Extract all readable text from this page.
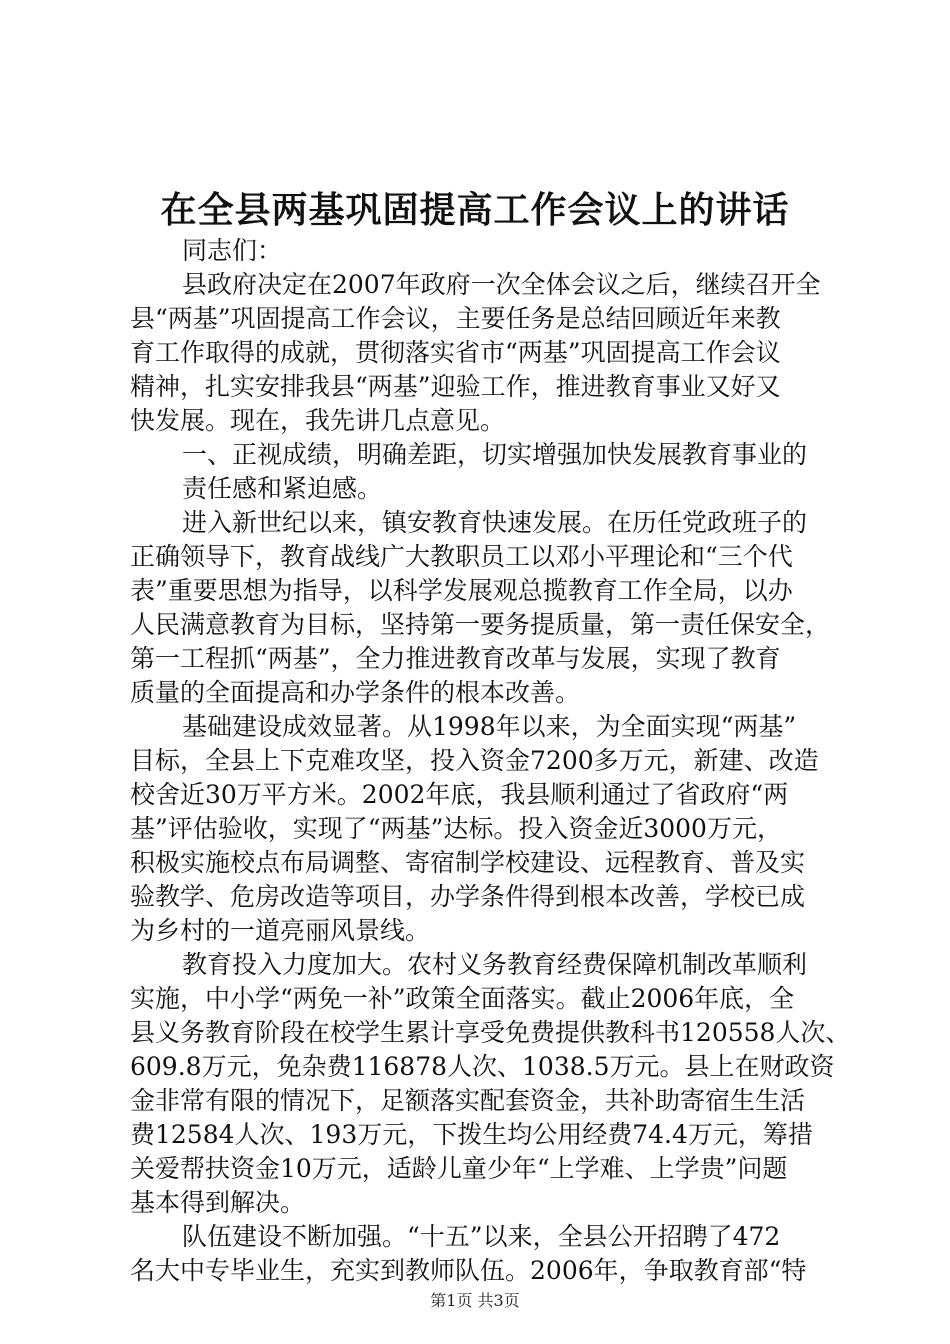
在全县两基巩固提高工作会议上的讲话

同志们：

县政府决定在2007年政府一次全体会议之后，继续召开全

县“两基”巩固提高工作会议，主要任务是总结回顾近年来教

育工作取得的成就，贯彻落实省市“两基”巩固提高工作会议

精神，扎实安排我县“两基”迎验工作，推进教育事业又好又

快发展。现在，我先讲几点意见。

一、正视成绩，明确差距，切实增强加快发展教育事业的

责任感和紧迫感。

进入新世纪以来，镇安教育快速发展。在历任党政班子的

正确领导下，教育战线广大教职员工以邓小平理论和“三个代

表”重要思想为指导，以科学发展观总揽教育工作全局，以办

人民满意教育为目标，坚持第一要务提质量，第一责任保安全，

第一工程抓“两基”，全力推进教育改革与发展，实现了教育

质量的全面提高和办学条件的根本改善。

基础建设成效显著。从1998年以来，为全面实现“两基”

目标，全县上下克难攻坚，投入资金7200多万元，新建、改造

校舍近30万平方米。2002年底，我县顺利通过了省政府“两

基”评估验收，实现了“两基”达标。投入资金近3000万元，

积极实施校点布局调整、寄宿制学校建设、远程教育、普及实

验教学、危房改造等项目，办学条件得到根本改善，学校已成

为乡村的一道亮丽风景线。

教育投入力度加大。农村义务教育经费保障机制改革顺利

实施，中小学“两免一补”政策全面落实。截止2006年底，全

县义务教育阶段在校学生累计享受免费提供教科书120558人次、

609.8万元，免杂费116878人次、1038.5万元。县上在财政资

金非常有限的情况下，足额落实配套资金，共补助寄宿生生活

费12584人次、193万元，下拨生均公用经费74.4万元，筹措

关爱帮扶资金10万元，适龄儿童少年“上学难、上学贵”问题

基本得到解决。

队伍建设不断加强。“十五”以来，全县公开招聘了472

名大中专毕业生，充实到教师队伍。2006年，争取教育部“特

第1页 共3页
